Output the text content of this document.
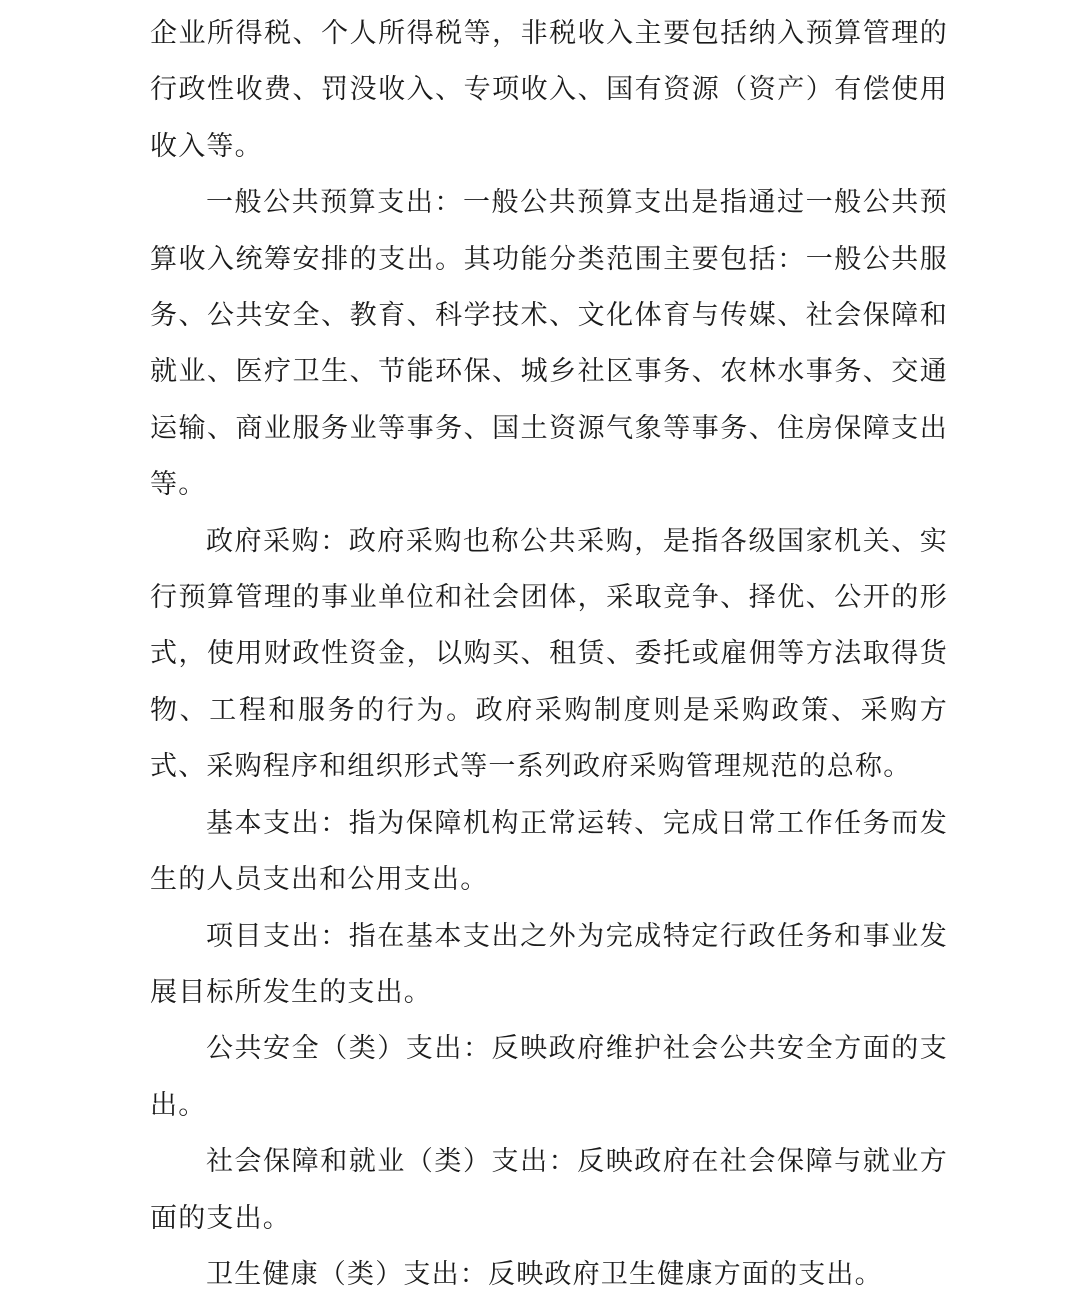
企业所得税、个人所得税等，非税收入主要包括纳入预算管理的行政性收费、罚没收入、专项收入、国有资源（资产）有偿使用收入等。

一般公共预算支出：一般公共预算支出是指通过一般公共预算收入统筹安排的支出。其功能分类范围主要包括：一般公共服务、公共安全、教育、科学技术、文化体育与传媒、社会保障和就业、医疗卫生、节能环保、城乡社区事务、农林水事务、交通运输、商业服务业等事务、国土资源气象等事务、住房保障支出等。

政府采购：政府采购也称公共采购，是指各级国家机关、实行预算管理的事业单位和社会团体，采取竞争、择优、公开的形式，使用财政性资金，以购买、租赁、委托或雇佣等方法取得货物、工程和服务的行为。政府采购制度则是采购政策、采购方式、采购程序和组织形式等一系列政府采购管理规范的总称。

基本支出：指为保障机构正常运转、完成日常工作任务而发生的人员支出和公用支出。

项目支出：指在基本支出之外为完成特定行政任务和事业发展目标所发生的支出。

公共安全（类）支出：反映政府维护社会公共安全方面的支出。

社会保障和就业（类）支出：反映政府在社会保障与就业方面的支出。

卫生健康（类）支出：反映政府卫生健康方面的支出。
